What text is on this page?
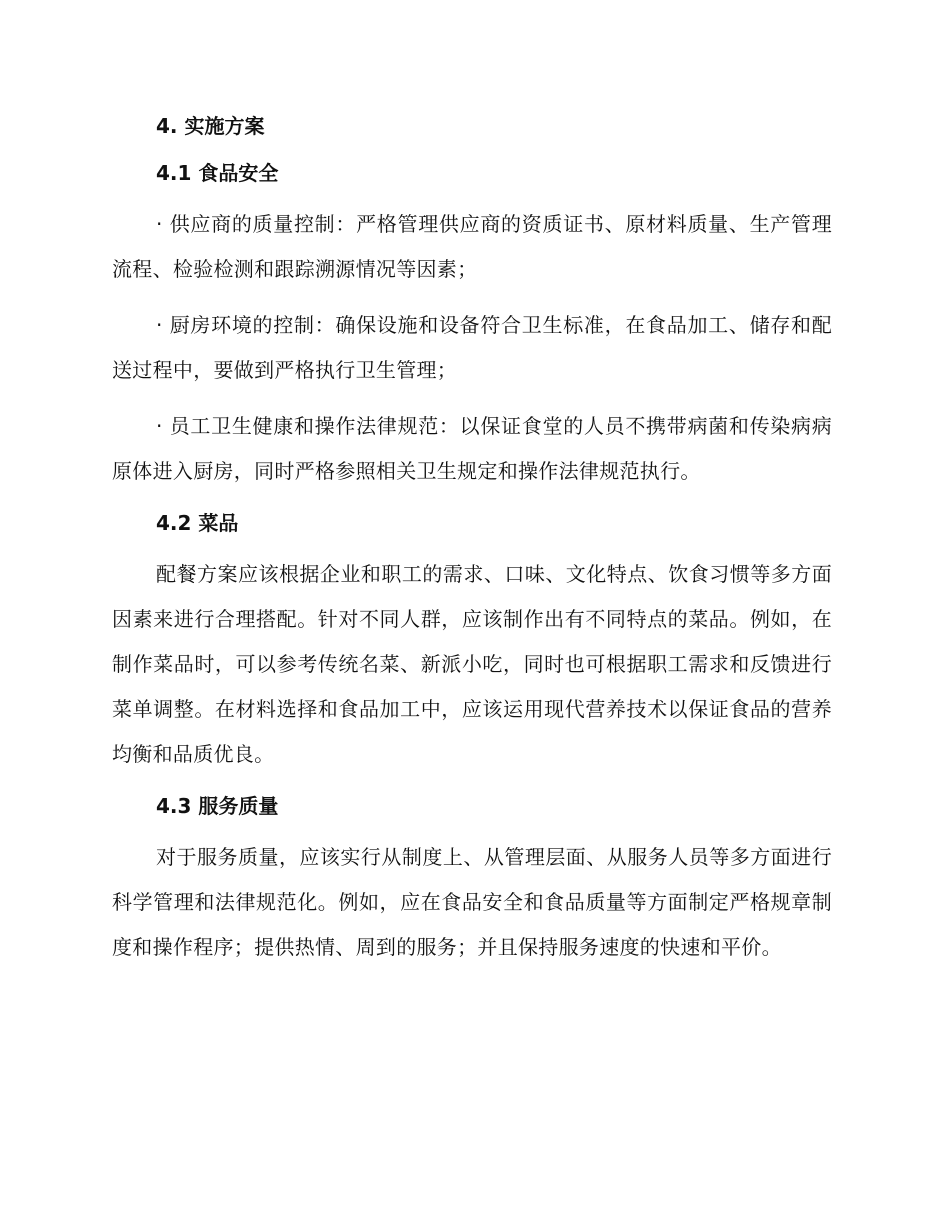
4. 实施方案
4.1 食品安全

· 供应商的质量控制：严格管理供应商的资质证书、原材料质量、生产管理流程、检验检测和跟踪溯源情况等因素；

· 厨房环境的控制：确保设施和设备符合卫生标准，在食品加工、储存和配送过程中，要做到严格执行卫生管理；

· 员工卫生健康和操作法律规范：以保证食堂的人员不携带病菌和传染病病原体进入厨房，同时严格参照相关卫生规定和操作法律规范执行。

4.2 菜品

配餐方案应该根据企业和职工的需求、口味、文化特点、饮食习惯等多方面因素来进行合理搭配。针对不同人群，应该制作出有不同特点的菜品。例如，在制作菜品时，可以参考传统名菜、新派小吃，同时也可根据职工需求和反馈进行菜单调整。在材料选择和食品加工中，应该运用现代营养技术以保证食品的营养均衡和品质优良。

4.3 服务质量

对于服务质量，应该实行从制度上、从管理层面、从服务人员等多方面进行科学管理和法律规范化。例如，应在食品安全和食品质量等方面制定严格规章制度和操作程序；提供热情、周到的服务；并且保持服务速度的快速和平价。
